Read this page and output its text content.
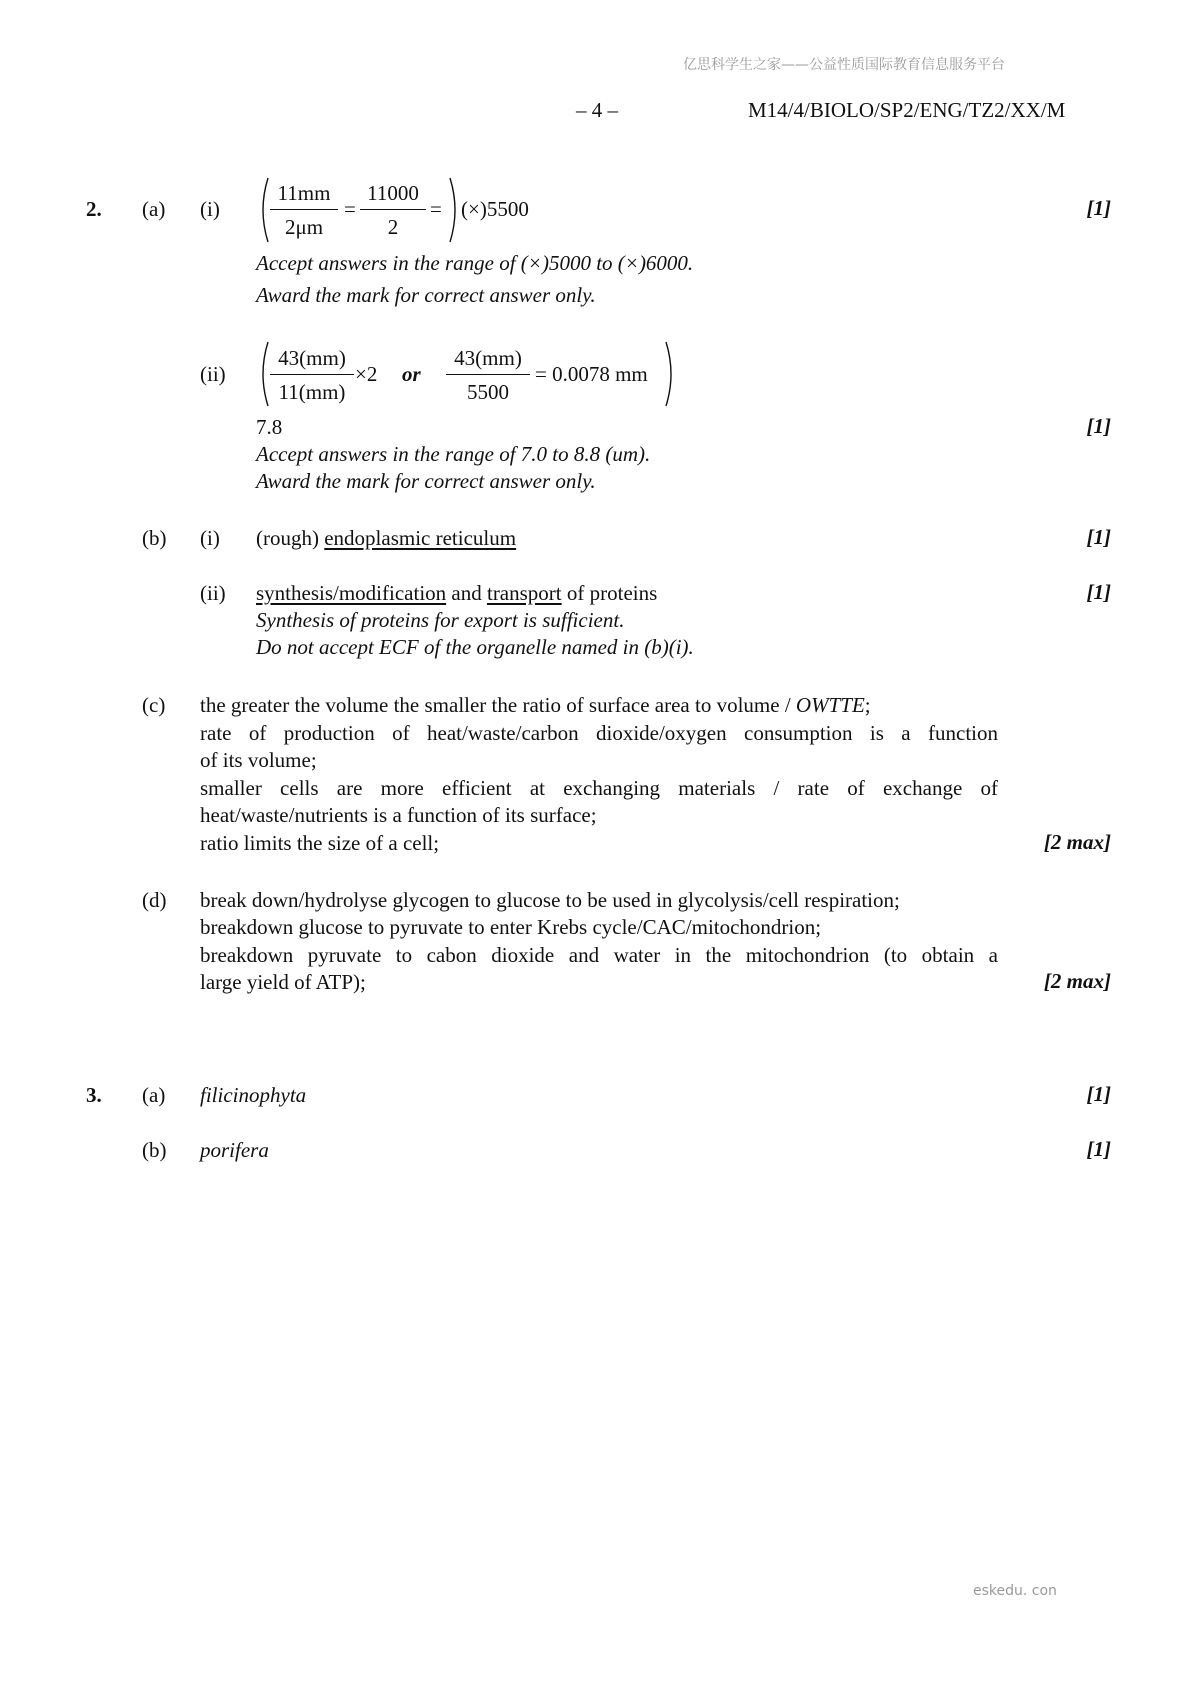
亿思科学生之家——公益性质国际教育信息服务平台
– 4 –	M14/4/BIOLO/SP2/ENG/TZ2/XX/M
2. (a) (i)
11mm
2μm
=
11000
2
= (×)5500	[1]
Accept answers in the range of (×)5000 to (×)6000.
Award the mark for correct answer only.
(ii)
43(mm)
11(mm)
×2 or
43(mm)
5500
= 0.0078 mm
7.8	[1]
Accept answers in the range of 7.0 to 8.8 (um).
Award the mark for correct answer only.
(b) (i) (rough) endoplasmic reticulum	[1]
(ii) synthesis/modification and transport of proteins	[1]
Synthesis of proteins for export is sufficient.
Do not accept ECF of the organelle named in (b)(i).
(c) the greater the volume the smaller the ratio of surface area to volume / OWTTE;
rate of production of heat/waste/carbon dioxide/oxygen consumption is a function
of its volume;
smaller cells are more efficient at exchanging materials / rate of exchange of
heat/waste/nutrients is a function of its surface;
ratio limits the size of a cell;	[2 max]
(d) break down/hydrolyse glycogen to glucose to be used in glycolysis/cell respiration;
breakdown glucose to pyruvate to enter Krebs cycle/CAC/mitochondrion;
breakdown pyruvate to cabon dioxide and water in the mitochondrion (to obtain a
large yield of ATP);	[2 max]
3. (a) filicinophyta	[1]
(b) porifera	[1]
eskedu. con
